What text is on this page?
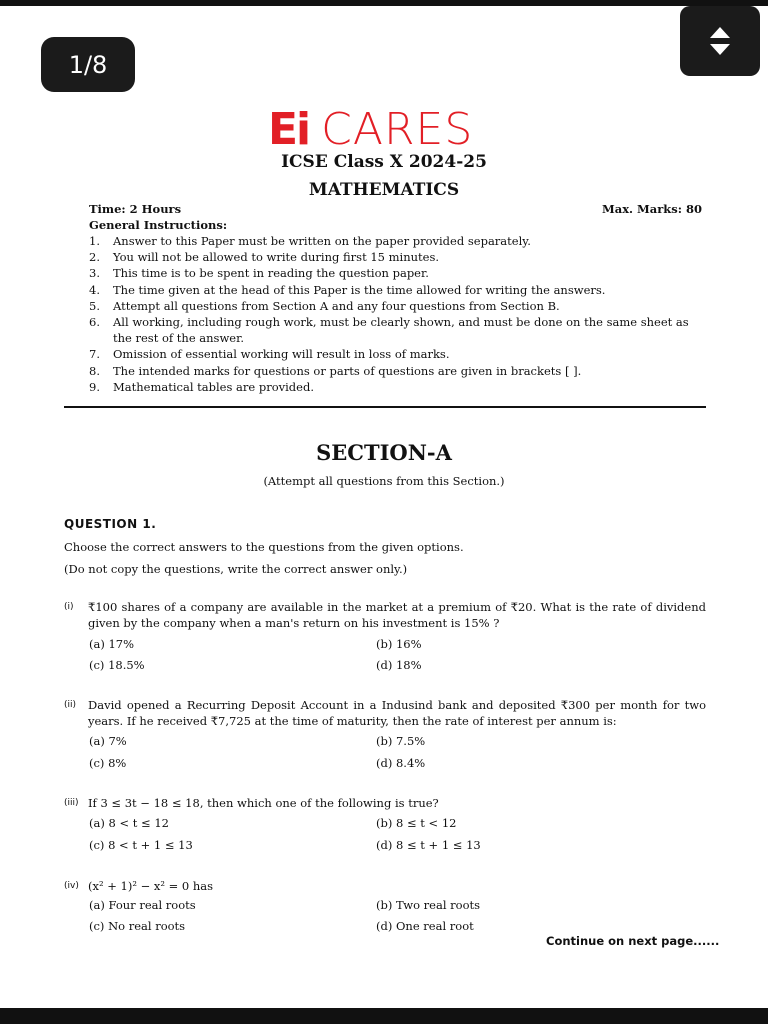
1/8
Ei CARES
ICSE Class X 2024-25
MATHEMATICS
Time: 2 Hours	Max. Marks: 80
General Instructions:
1.	Answer to this Paper must be written on the paper provided separately.
2.	You will not be allowed to write during first 15 minutes.
3.	This time is to be spent in reading the question paper.
4.	The time given at the head of this Paper is the time allowed for writing the answers.
5.	Attempt all questions from Section A and any four questions from Section B.
6.	All working, including rough work, must be clearly shown, and must be done on the same sheet as the rest of the answer.
7.	Omission of essential working will result in loss of marks.
8.	The intended marks for questions or parts of questions are given in brackets [ ].
9.	Mathematical tables are provided.
SECTION-A
(Attempt all questions from this Section.)
QUESTION 1.
Choose the correct answers to the questions from the given options.
(Do not copy the questions, write the correct answer only.)
(i) ₹100 shares of a company are available in the market at a premium of ₹20. What is the rate of dividend given by the company when a man's return on his investment is 15% ?
(a) 17%	(b) 16%
(c) 18.5%	(d) 18%
(ii) David opened a Recurring Deposit Account in a Indusind bank and deposited ₹300 per month for two years. If he received ₹7,725 at the time of maturity, then the rate of interest per annum is:
(a) 7%	(b) 7.5%
(c) 8%	(d) 8.4%
(iii) If 3 ≤ 3t − 18 ≤ 18, then which one of the following is true?
(a) 8 < t ≤ 12	(b) 8 ≤ t < 12
(c) 8 < t + 1 ≤ 13	(d) 8 ≤ t + 1 ≤ 13
(iv) (x² + 1)² − x² = 0 has
(a) Four real roots	(b) Two real roots
(c) No real roots	(d) One real root
Continue on next page......
